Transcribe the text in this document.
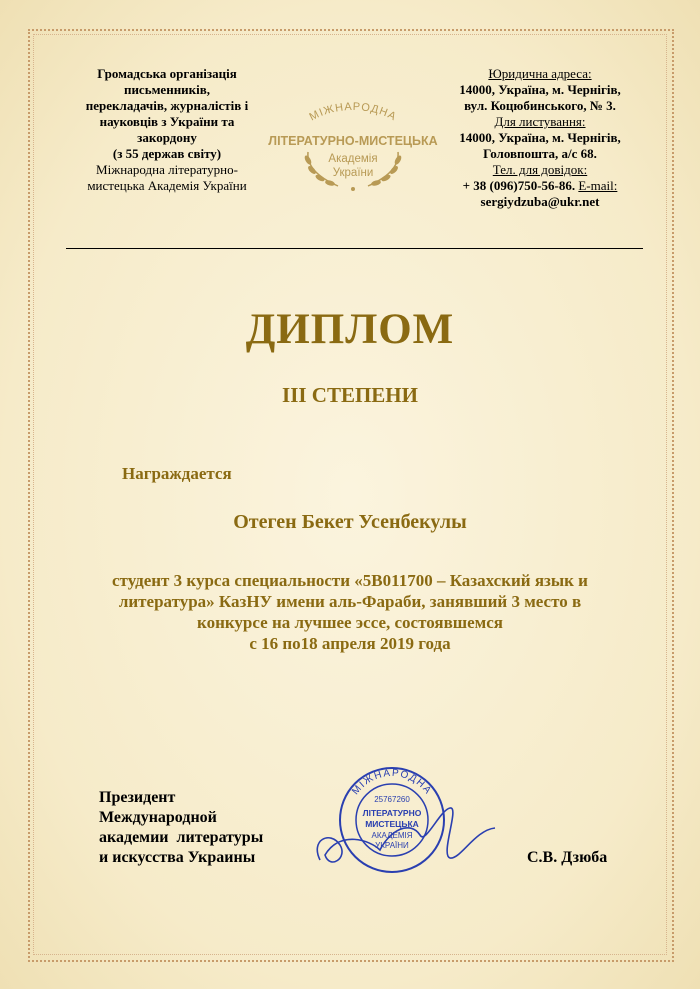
Громадська організація
письменників,
перекладачів, журналістів і
науковців з України та
закордону
(з 55 держав світу)
Міжнародна літературно-
мистецька Академія України
МІЖНАРОДНА
ЛІТЕРАТУРНО-МИСТЕЦЬКА
Академія
України
Юридична адреса:
14000, Україна, м. Чернігів,
вул. Коцюбинського, № 3.
Для листування:
14000, Україна, м. Чернігів,
Головпошта, а/с 68.
Тел. для довідок:
+ 38 (096)750-56-86. E-mail:
sergiydzuba@ukr.net
ДИПЛОМ
III СТЕПЕНИ
Награждается
Отеген Бекет Усенбекулы
студент 3 курса специальности «5В011700 – Казахский язык и
литература» КазНУ имени аль-Фараби, занявший 3 место в
конкурсе на лучшее эссе, состоявшемся
с 16 по18 апреля 2019 года
Президент
Международной
академии  литературы
и искусства Украины
МІЖНАРОДНА
25767260
ЛІТЕРАТУРНО
МИСТЕЦЬКА
АКАДЕМІЯ
УКРАЇНИ
С.В. Дзюба
